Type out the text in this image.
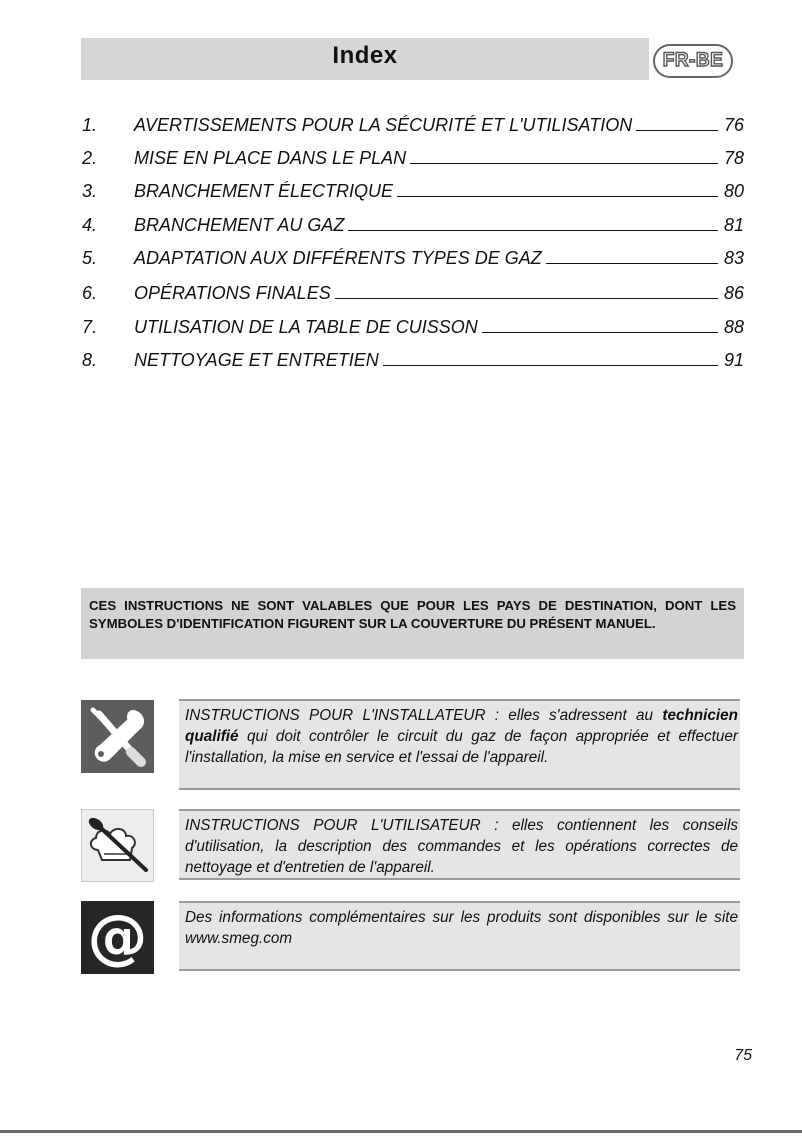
Index	FR-BE
1.	AVERTISSEMENTS POUR LA SÉCURITÉ ET L'UTILISATION	76
2.	MISE EN PLACE DANS LE PLAN	78
3.	BRANCHEMENT ÉLECTRIQUE	80
4.	BRANCHEMENT AU GAZ	81
5.	ADAPTATION AUX DIFFÉRENTS TYPES DE GAZ	83
6.	OPÉRATIONS FINALES	86
7.	UTILISATION DE LA TABLE DE CUISSON	88
8.	NETTOYAGE ET ENTRETIEN	91
CES INSTRUCTIONS NE SONT VALABLES QUE POUR LES PAYS DE DESTINATION, DONT LES SYMBOLES D'IDENTIFICATION FIGURENT SUR LA COUVERTURE DU PRÉSENT MANUEL.
INSTRUCTIONS POUR L'INSTALLATEUR : elles s'adressent au technicien qualifié qui doit contrôler le circuit du gaz de façon appropriée et effectuer l'installation, la mise en service et l'essai de l'appareil.
INSTRUCTIONS POUR L'UTILISATEUR : elles contiennent les conseils d'utilisation, la description des commandes et les opérations correctes de nettoyage et d'entretien de l'appareil.
@	Des informations complémentaires sur les produits sont disponibles sur le site www.smeg.com
75
